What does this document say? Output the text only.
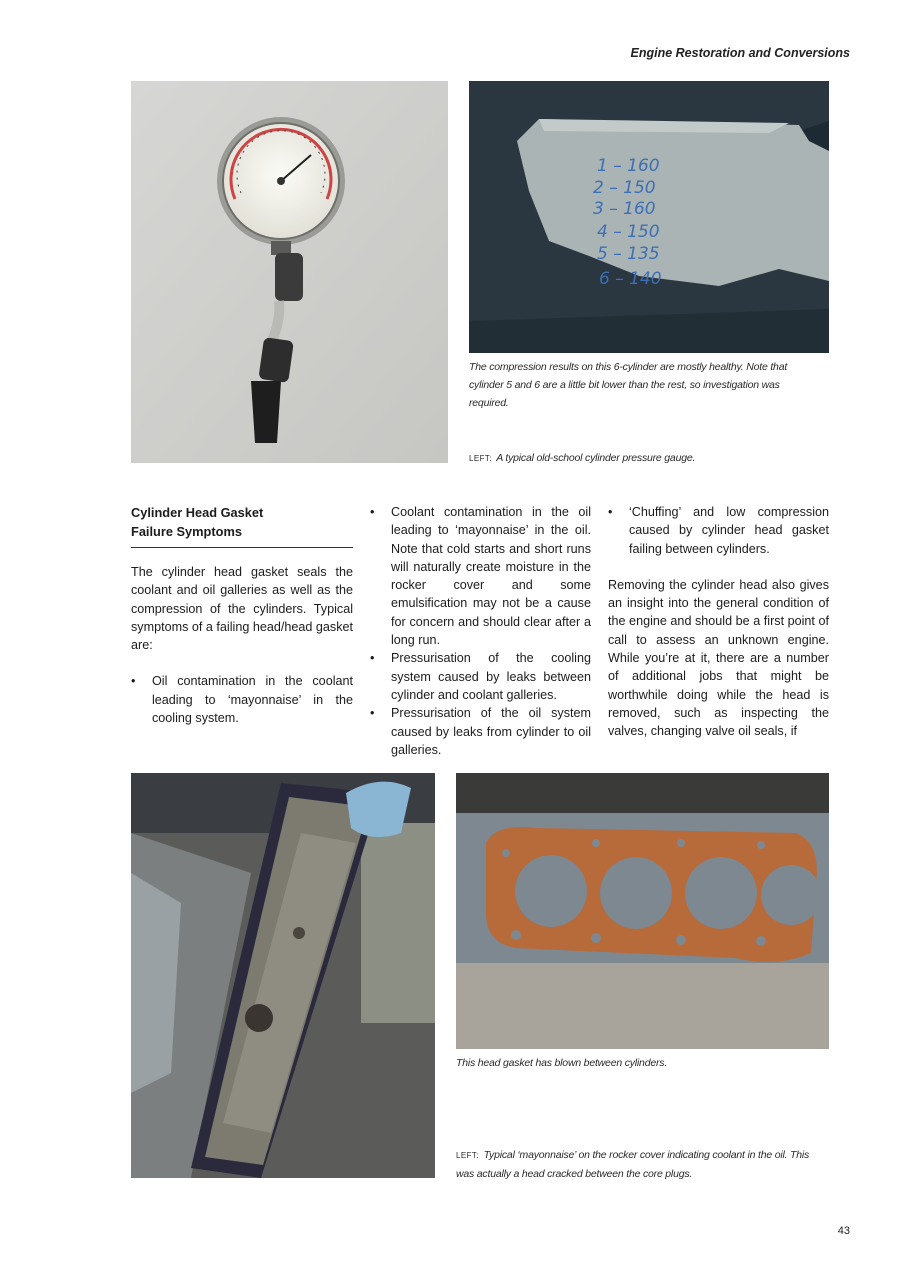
Engine Restoration and Conversions
1 – 160
2 – 150
3 – 160
4 – 150
5 – 135
6 – 140
The compression results on this 6-cylinder are mostly healthy. Note that cylinder 5 and 6 are a little bit lower than the rest, so investigation was required.
LEFT: A typical old-school cylinder pressure gauge.
Cylinder Head Gasket
Failure Symptoms

The cylinder head gasket seals the coolant and oil galleries as well as the compression of the cylinders. Typical symptoms of a failing head/head gasket are:

• Oil contamination in the coolant leading to ‘mayonnaise’ in the cooling system.
• Coolant contamination in the oil leading to ‘mayonnaise’ in the oil. Note that cold starts and short runs will naturally create moisture in the rocker cover and some emulsification may not be a cause for concern and should clear after a long run.
• Pressurisation of the cooling system caused by leaks between cylinder and coolant galleries.
• Pressurisation of the oil system caused by leaks from cylinder to oil galleries.
• ‘Chuffing’ and low compression caused by cylinder head gasket failing between cylinders.

Removing the cylinder head also gives an insight into the general condition of the engine and should be a first point of call to assess an unknown engine. While you’re at it, there are a number of additional jobs that might be worthwhile doing while the head is removed, such as inspecting the valves, changing valve oil seals, if

This head gasket has blown between cylinders.
LEFT: Typical ‘mayonnaise’ on the rocker cover indicating coolant in the oil. This was actually a head cracked between the core plugs.
43
